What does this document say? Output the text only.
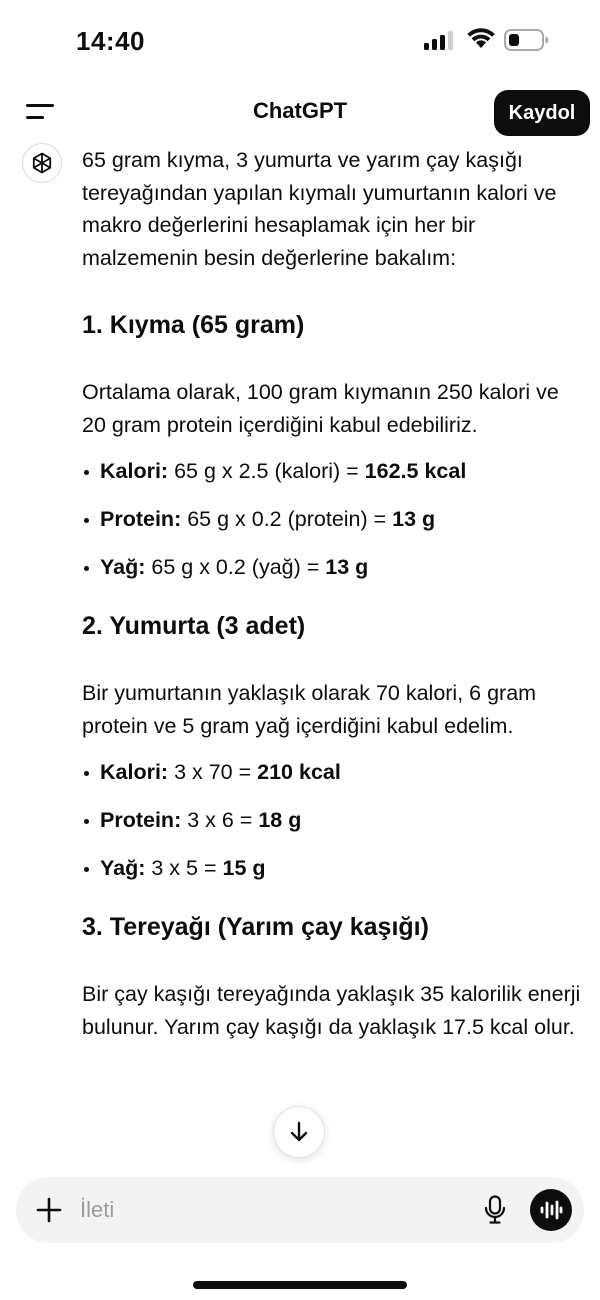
14:40
ChatGPT	Kaydol

65 gram kıyma, 3 yumurta ve yarım çay kaşığı tereyağından yapılan kıymalı yumurtanın kalori ve makro değerlerini hesaplamak için her bir malzemenin besin değerlerine bakalım:

1. Kıyma (65 gram)

Ortalama olarak, 100 gram kıymanın 250 kalori ve 20 gram protein içerdiğini kabul edebiliriz.

Kalori: 65 g x 2.5 (kalori) = 162.5 kcal
Protein: 65 g x 0.2 (protein) = 13 g
Yağ: 65 g x 0.2 (yağ) = 13 g
2. Yumurta (3 adet)

Bir yumurtanın yaklaşık olarak 70 kalori, 6 gram protein ve 5 gram yağ içerdiğini kabul edelim.

Kalori: 3 x 70 = 210 kcal
Protein: 3 x 6 = 18 g
Yağ: 3 x 5 = 15 g
3. Tereyağı (Yarım çay kaşığı)

Bir çay kaşığı tereyağında yaklaşık 35 kalorilik enerji bulunur. Yarım çay kaşığı da yaklaşık 17.5 kcal olur.

İleti
